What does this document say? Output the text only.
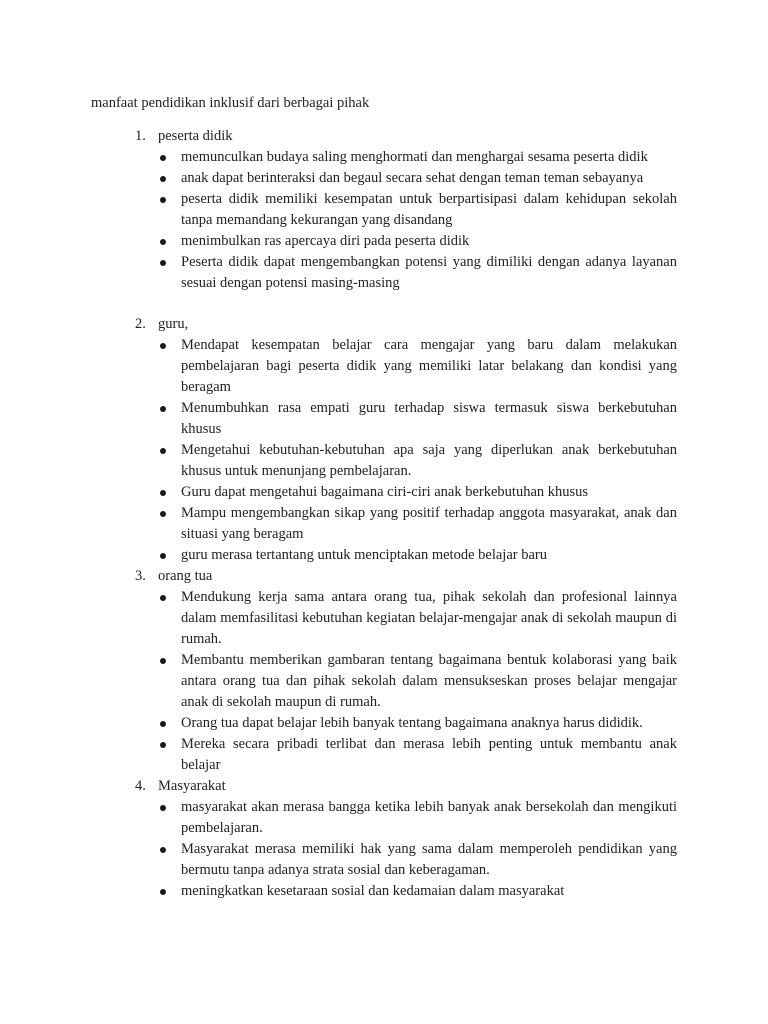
manfaat pendidikan inklusif dari berbagai pihak
1. peserta didik
memunculkan budaya saling menghormati dan menghargai sesama peserta didik
anak dapat berinteraksi dan begaul secara sehat dengan teman teman sebayanya
peserta didik memiliki kesempatan untuk berpartisipasi dalam kehidupan sekolah tanpa memandang kekurangan yang disandang
menimbulkan ras apercaya diri pada peserta didik
Peserta didik dapat mengembangkan potensi yang dimiliki dengan adanya layanan sesuai dengan potensi masing-masing
2. guru,
Mendapat kesempatan belajar cara mengajar yang baru dalam melakukan pembelajaran bagi peserta didik yang memiliki latar belakang dan kondisi yang beragam
Menumbuhkan rasa empati guru terhadap siswa termasuk siswa berkebutuhan khusus
Mengetahui kebutuhan-kebutuhan apa saja yang diperlukan anak berkebutuhan khusus untuk menunjang pembelajaran.
Guru dapat mengetahui bagaimana ciri-ciri anak berkebutuhan khusus
Mampu mengembangkan sikap yang positif terhadap anggota masyarakat, anak dan situasi yang beragam
guru merasa tertantang untuk menciptakan metode belajar baru
3. orang tua
Mendukung kerja sama antara orang tua, pihak sekolah dan profesional lainnya dalam memfasilitasi kebutuhan kegiatan belajar-mengajar anak di sekolah maupun di rumah.
Membantu memberikan gambaran tentang bagaimana bentuk kolaborasi yang baik antara orang tua dan pihak sekolah dalam mensukseskan proses belajar mengajar anak di sekolah maupun di rumah.
Orang tua dapat belajar lebih banyak tentang bagaimana anaknya harus dididik.
Mereka secara pribadi terlibat dan merasa lebih penting untuk membantu anak belajar
4. Masyarakat
masyarakat akan merasa bangga ketika lebih banyak anak bersekolah dan mengikuti pembelajaran.
Masyarakat merasa memiliki hak yang sama dalam memperoleh pendidikan yang bermutu tanpa adanya strata sosial dan keberagaman.
meningkatkan kesetaraan sosial dan kedamaian dalam masyarakat
